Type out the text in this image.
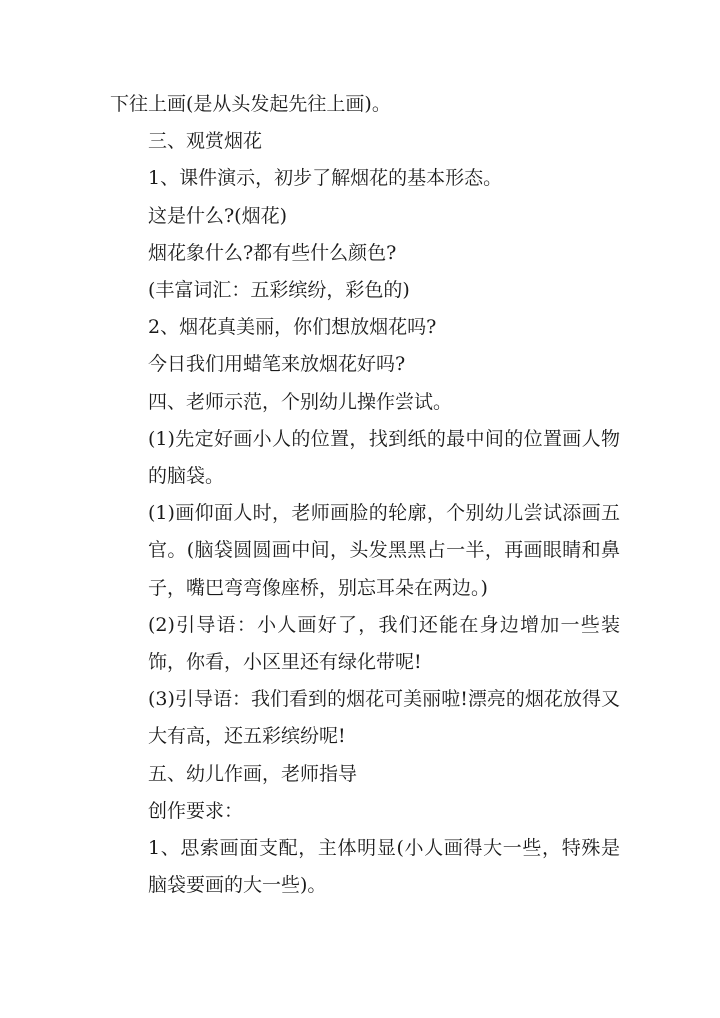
下往上画(是从头发起先往上画)。

三、观赏烟花

1、课件演示，初步了解烟花的基本形态。

这是什么?(烟花)

烟花象什么?都有些什么颜色?

(丰富词汇：五彩缤纷，彩色的)

2、烟花真美丽，你们想放烟花吗?

今日我们用蜡笔来放烟花好吗?

四、老师示范，个别幼儿操作尝试。

(1)先定好画小人的位置，找到纸的最中间的位置画人物的脑袋。

(1)画仰面人时，老师画脸的轮廓，个别幼儿尝试添画五官。(脑袋圆圆画中间，头发黑黑占一半，再画眼睛和鼻子，嘴巴弯弯像座桥，别忘耳朵在两边。)

(2)引导语：小人画好了，我们还能在身边增加一些装饰，你看，小区里还有绿化带呢!

(3)引导语：我们看到的烟花可美丽啦!漂亮的烟花放得又大有高，还五彩缤纷呢!

五、幼儿作画，老师指导

创作要求：

1、思索画面支配，主体明显(小人画得大一些，特殊是脑袋要画的大一些)。
